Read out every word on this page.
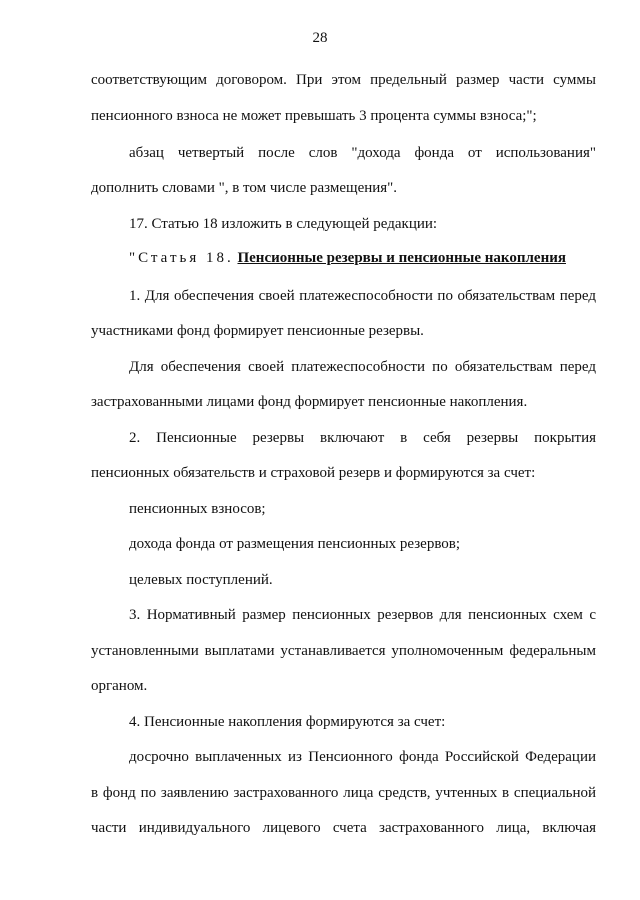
28
соответствующим договором. При этом предельный размер части суммы
пенсионного взноса не может превышать 3 процента суммы взноса;";
абзац четвертый после слов "дохода фонда от использования"
дополнить словами ", в том числе размещения".
17. Статью 18 изложить в следующей редакции:
"Статья 18. Пенсионные резервы и пенсионные накопления
1. Для обеспечения своей платежеспособности по обязательствам перед
участниками фонд формирует пенсионные резервы.
Для обеспечения своей платежеспособности по обязательствам перед
застрахованными лицами фонд формирует пенсионные накопления.
2. Пенсионные резервы включают в себя резервы покрытия
пенсионных обязательств и страховой резерв и формируются за счет:
пенсионных взносов;
дохода фонда от размещения пенсионных резервов;
целевых поступлений.
3. Нормативный размер пенсионных резервов для пенсионных схем с
установленными выплатами устанавливается уполномоченным федеральным
органом.
4. Пенсионные накопления формируются за счет:
досрочно выплаченных из Пенсионного фонда Российской Федерации
в фонд по заявлению застрахованного лица средств, учтенных в специальной
части индивидуального лицевого счета застрахованного лица, включая
